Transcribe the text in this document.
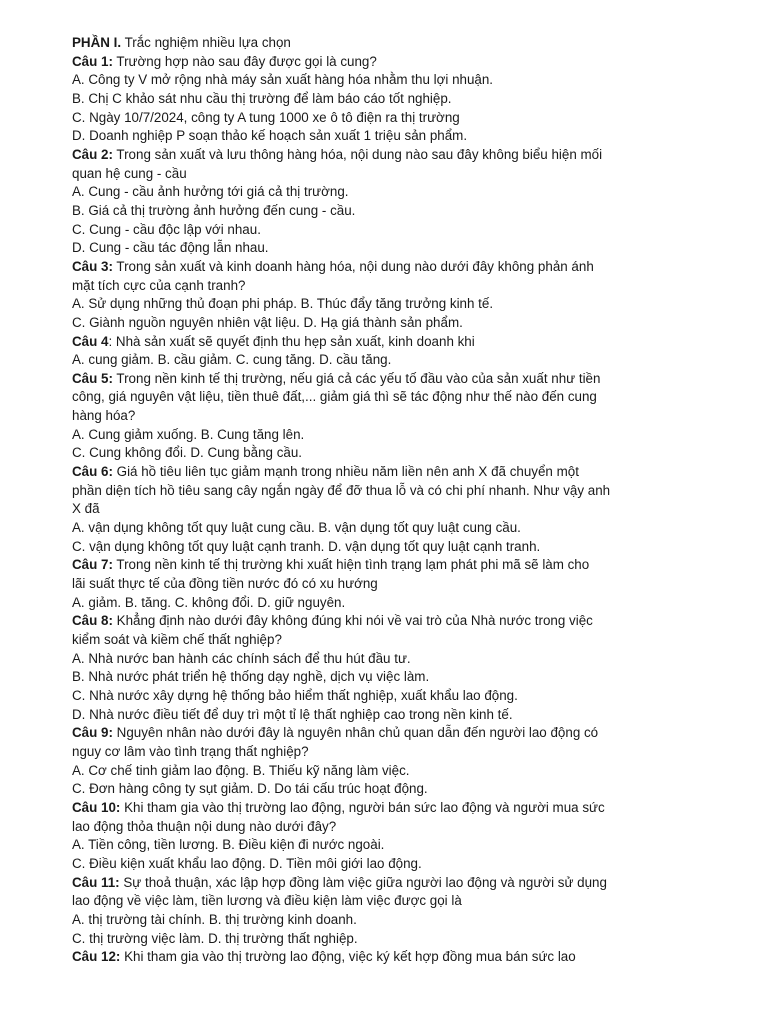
PHẦN I. Trắc nghiệm nhiều lựa chọn
Câu 1: Trường hợp nào sau đây được gọi là cung?
A. Công ty V mở rộng nhà máy sản xuất hàng hóa nhằm thu lợi nhuận.
B. Chị C khảo sát nhu cầu thị trường để làm báo cáo tốt nghiệp.
C. Ngày 10/7/2024, công ty A tung 1000 xe ô tô điện ra thị trường
D. Doanh nghiệp P soạn thảo kế hoạch sản xuất 1 triệu sản phẩm.
Câu 2: Trong sản xuất và lưu thông hàng hóa, nội dung nào sau đây không biểu hiện mối
quan hệ cung - cầu
A. Cung - cầu ảnh hưởng tới giá cả thị trường.
B. Giá cả thị trường ảnh hưởng đến cung - cầu.
C. Cung - cầu độc lập với nhau.
D. Cung - cầu tác động lẫn nhau.
Câu 3: Trong sản xuất và kinh doanh hàng hóa, nội dung nào dưới đây không phản ánh
mặt tích cực của cạnh tranh?
A. Sử dụng những thủ đoạn phi pháp. B. Thúc đẩy tăng trưởng kinh tế.
C. Giành nguồn nguyên nhiên vật liệu. D. Hạ giá thành sản phẩm.
Câu 4: Nhà sản xuất sẽ quyết định thu hẹp sản xuất, kinh doanh khi
A. cung giảm. B. cầu giảm. C. cung tăng. D. cầu tăng.
Câu 5: Trong nền kinh tế thị trường, nếu giá cả các yếu tố đầu vào của sản xuất như tiền
công, giá nguyên vật liệu, tiền thuê đất,... giảm giá thì sẽ tác động như thế nào đến cung
hàng hóa?
A. Cung giảm xuống. B. Cung tăng lên.
C. Cung không đổi. D. Cung bằng cầu.
Câu 6: Giá hồ tiêu liên tục giảm mạnh trong nhiều năm liền nên anh X đã chuyển một
phần diện tích hồ tiêu sang cây ngắn ngày để đỡ thua lỗ và có chi phí nhanh. Như vậy anh
X đã
A. vận dụng không tốt quy luật cung cầu. B. vận dụng tốt quy luật cung cầu.
C. vận dụng không tốt quy luật cạnh tranh. D. vận dụng tốt quy luật cạnh tranh.
Câu 7: Trong nền kinh tế thị trường khi xuất hiện tình trạng lạm phát phi mã sẽ làm cho
lãi suất thực tế của đồng tiền nước đó có xu hướng
A. giảm. B. tăng. C. không đổi. D. giữ nguyên.
Câu 8: Khẳng định nào dưới đây không đúng khi nói về vai trò của Nhà nước trong việc
kiểm soát và kiềm chế thất nghiệp?
A. Nhà nước ban hành các chính sách để thu hút đầu tư.
B. Nhà nước phát triển hệ thống dạy nghề, dịch vụ việc làm.
C. Nhà nước xây dựng hệ thống bảo hiểm thất nghiệp, xuất khẩu lao động.
D. Nhà nước điều tiết để duy trì một tỉ lệ thất nghiệp cao trong nền kinh tế.
Câu 9: Nguyên nhân nào dưới đây là nguyên nhân chủ quan dẫn đến người lao động có
nguy cơ lâm vào tình trạng thất nghiệp?
A. Cơ chế tinh giảm lao động. B. Thiếu kỹ năng làm việc.
C. Đơn hàng công ty sụt giảm. D. Do tái cấu trúc hoạt động.
Câu 10: Khi tham gia vào thị trường lao động, người bán sức lao động và người mua sức
lao động thỏa thuận nội dung nào dưới đây?
A. Tiền công, tiền lương. B. Điều kiện đi nước ngoài.
C. Điều kiện xuất khẩu lao động. D. Tiền môi giới lao động.
Câu 11: Sự thoả thuận, xác lập hợp đồng làm việc giữa người lao động và người sử dụng
lao động về việc làm, tiền lương và điều kiện làm việc được gọi là
A. thị trường tài chính. B. thị trường kinh doanh.
C. thị trường việc làm. D. thị trường thất nghiệp.
Câu 12: Khi tham gia vào thị trường lao động, việc ký kết hợp đồng mua bán sức lao
